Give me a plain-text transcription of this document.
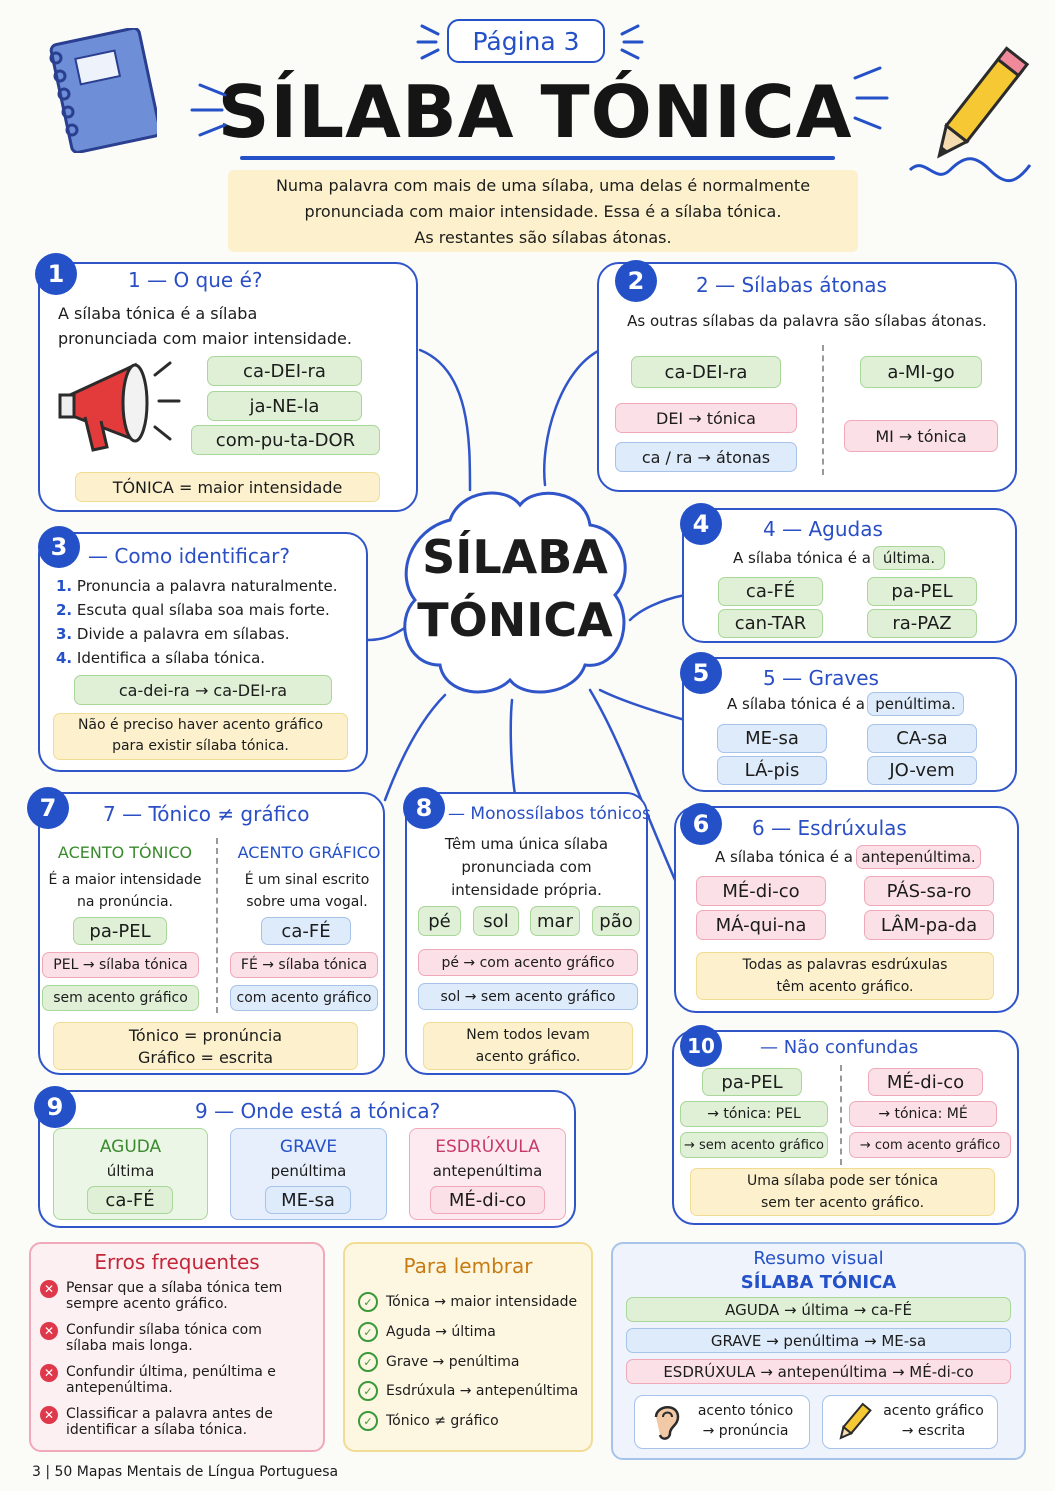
Página 3
SÍLABA TÓNICA
Numa palavra com mais de uma sílaba, uma delas é normalmente
pronunciada com maior intensidade. Essa é a sílaba tónica.
As restantes são sílabas átonas.
SÍLABA
TÓNICA
1	1 — O que é?
A sílaba tónica é a sílaba
pronunciada com maior intensidade.
ca-DEI-ra
ja-NE-la
com-pu-ta-DOR
TÓNICA = maior intensidade
2	2 — Sílabas átonas
As outras sílabas da palavra são sílabas átonas.
ca-DEI-ra
DEI → tónica
ca / ra → átonas
a-MI-go
MI → tónica
3	— Como identificar?
1. Pronuncia a palavra naturalmente.
2. Escuta qual sílaba soa mais forte.
3. Divide a palavra em sílabas.
4. Identifica a sílaba tónica.
ca-dei-ra → ca-DEI-ra
Não é preciso haver acento gráfico
para existir sílaba tónica.
4	4 — Agudas
A sílaba tónica é a última.
ca-FÉ	pa-PEL
can-TAR	ra-PAZ
5	5 — Graves
A sílaba tónica é a penúltima.
ME-sa	CA-sa
LÁ-pis	JO-vem
7	7 — Tónico ≠ gráfico
ACENTO TÓNICO
É a maior intensidade
na pronúncia.
pa-PEL
PEL → sílaba tónica
sem acento gráfico
ACENTO GRÁFICO
É um sinal escrito
sobre uma vogal.
ca-FÉ
FÉ → sílaba tónica
com acento gráfico
Tónico = pronúncia
Gráfico = escrita
8 — Monossílabos tónicos
Têm uma única sílaba
pronunciada com
intensidade própria.
pé	sol	mar	pão
pé → com acento gráfico
sol → sem acento gráfico
Nem todos levam
acento gráfico.
6	6 — Esdrúxulas
A sílaba tónica é a antepenúltima.
MÉ-di-co	PÁS-sa-ro
MÁ-qui-na	LÂM-pa-da
Todas as palavras esdrúxulas
têm acento gráfico.
10	— Não confundas
pa-PEL
→ tónica: PEL
→ sem acento gráfico
MÉ-di-co
→ tónica: MÉ
→ com acento gráfico
Uma sílaba pode ser tónica
sem ter acento gráfico.
9	9 — Onde está a tónica?
AGUDA
última
ca-FÉ
GRAVE
penúltima
ME-sa
ESDRÚXULA
antepenúltima
MÉ-di-co
Erros frequentes
✕ Pensar que a sílaba tónica tem
sempre acento gráfico.
✕ Confundir sílaba tónica com
sílaba mais longa.
✕ Confundir última, penúltima e
antepenúltima.
✕ Classificar a palavra antes de
identificar a sílaba tónica.
Para lembrar
✓ Tónica → maior intensidade
✓ Aguda → última
✓ Grave → penúltima
✓ Esdrúxula → antepenúltima
✓ Tónico ≠ gráfico
Resumo visual
SÍLABA TÓNICA
AGUDA → última → ca-FÉ
GRAVE → penúltima → ME-sa
ESDRÚXULA → antepenúltima → MÉ-di-co
acento tónico
→ pronúncia
acento gráfico
→ escrita
3 | 50 Mapas Mentais de Língua Portuguesa
